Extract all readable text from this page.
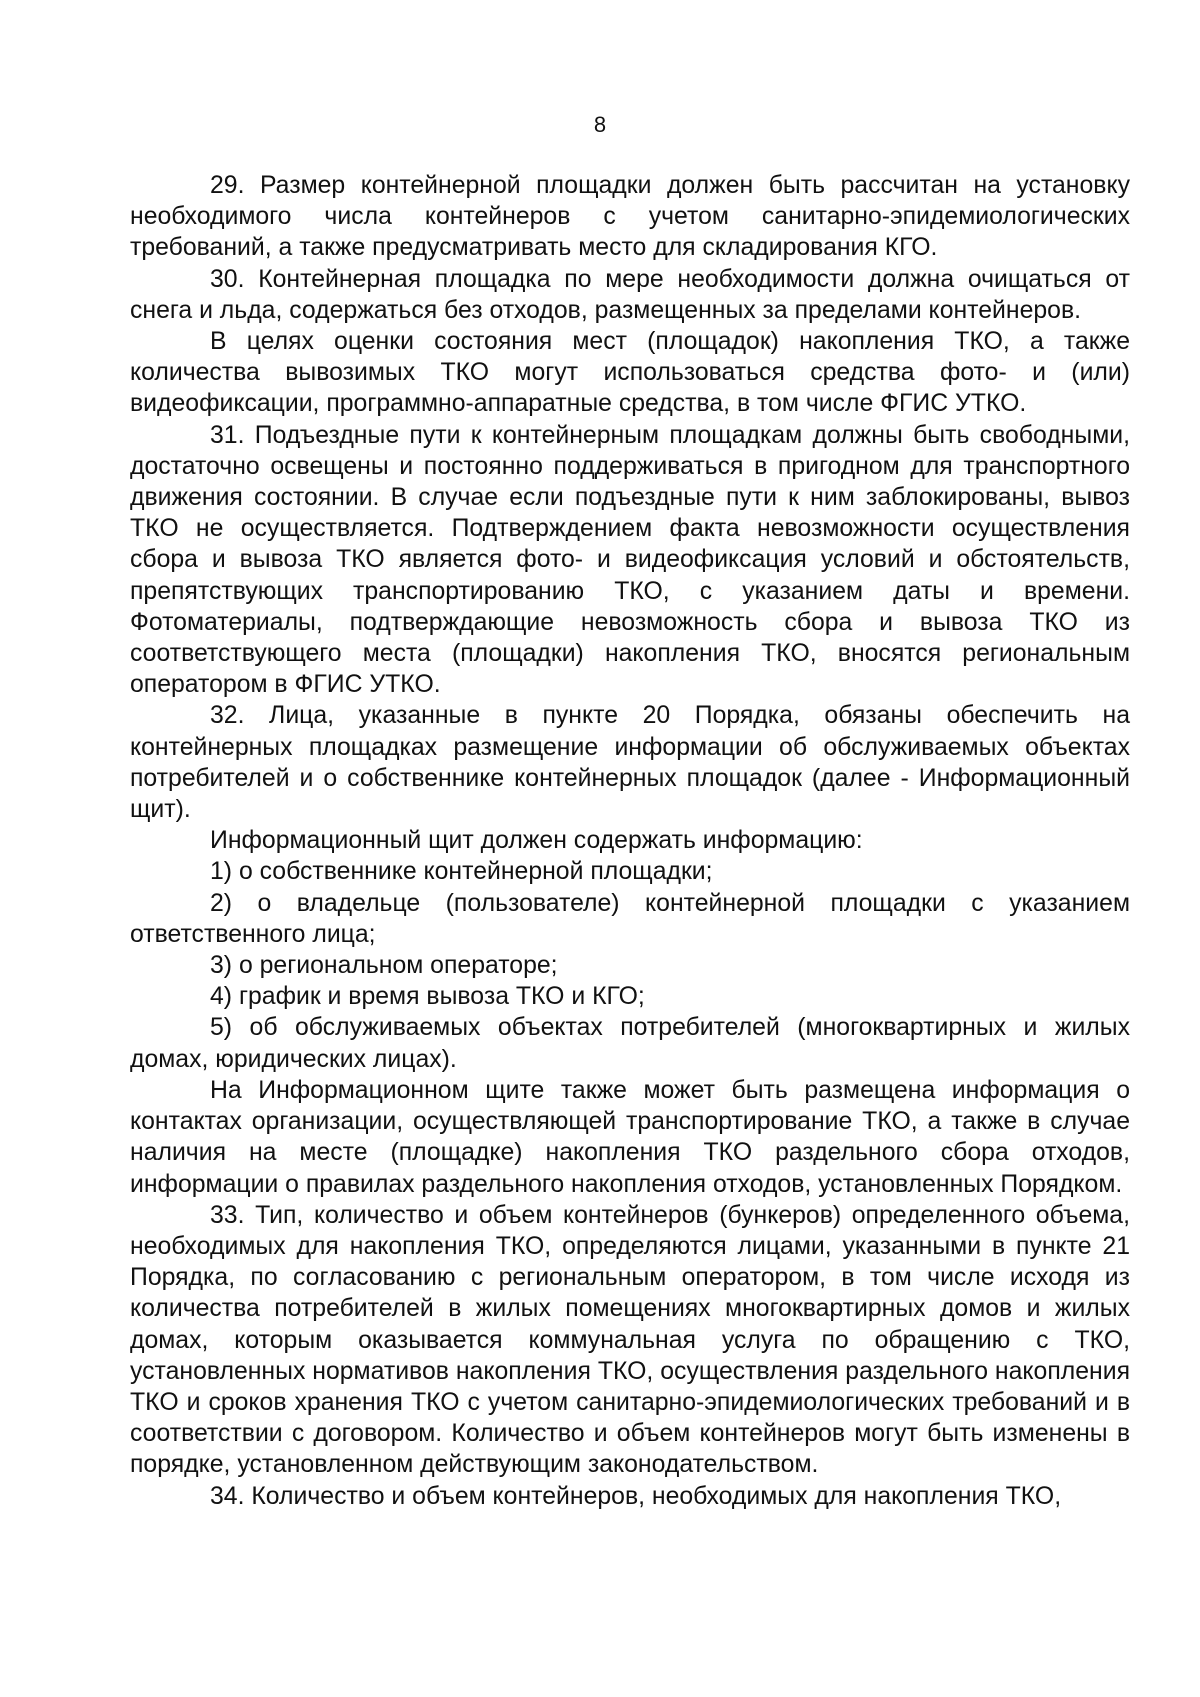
8

29. Размер контейнерной площадки должен быть рассчитан на установку необходимого числа контейнеров с учетом санитарно-эпидемиологических требований, а также предусматривать место для складирования КГО.

30. Контейнерная площадка по мере необходимости должна очищаться от снега и льда, содержаться без отходов, размещенных за пределами контейнеров.

В целях оценки состояния мест (площадок) накопления ТКО, а также количества вывозимых ТКО могут использоваться средства фото- и (или) видеофиксации, программно-аппаратные средства, в том числе ФГИС УТКО.

31. Подъездные пути к контейнерным площадкам должны быть свободными, достаточно освещены и постоянно поддерживаться в пригодном для транспортного движения состоянии. В случае если подъездные пути к ним заблокированы, вывоз ТКО не осуществляется. Подтверждением факта невозможности осуществления сбора и вывоза ТКО является фото- и видеофиксация условий и обстоятельств, препятствующих транспортированию ТКО, с указанием даты и времени. Фотоматериалы, подтверждающие невозможность сбора и вывоза ТКО из соответствующего места (площадки) накопления ТКО, вносятся региональным оператором в ФГИС УТКО.

32. Лица, указанные в пункте 20 Порядка, обязаны обеспечить на контейнерных площадках размещение информации об обслуживаемых объектах потребителей и о собственнике контейнерных площадок (далее - Информационный щит).

Информационный щит должен содержать информацию:

1) о собственнике контейнерной площадки;

2) о владельце (пользователе) контейнерной площадки с указанием ответственного лица;

3) о региональном операторе;

4) график и время вывоза ТКО и КГО;

5) об обслуживаемых объектах потребителей (многоквартирных и жилых домах, юридических лицах).

На Информационном щите также может быть размещена информация о контактах организации, осуществляющей транспортирование ТКО, а также в случае наличия на месте (площадке) накопления ТКО раздельного сбора отходов, информации о правилах раздельного накопления отходов, установленных Порядком.

33. Тип, количество и объем контейнеров (бункеров) определенного объема, необходимых для накопления ТКО, определяются лицами, указанными в пункте 21 Порядка, по согласованию с региональным оператором, в том числе исходя из количества потребителей в жилых помещениях многоквартирных домов и жилых домах, которым оказывается коммунальная услуга по обращению с ТКО, установленных нормативов накопления ТКО, осуществления раздельного накопления ТКО и сроков хранения ТКО с учетом санитарно-эпидемиологических требований и в соответствии с договором. Количество и объем контейнеров могут быть изменены в порядке, установленном действующим законодательством.

34. Количество и объем контейнеров, необходимых для накопления ТКО,
